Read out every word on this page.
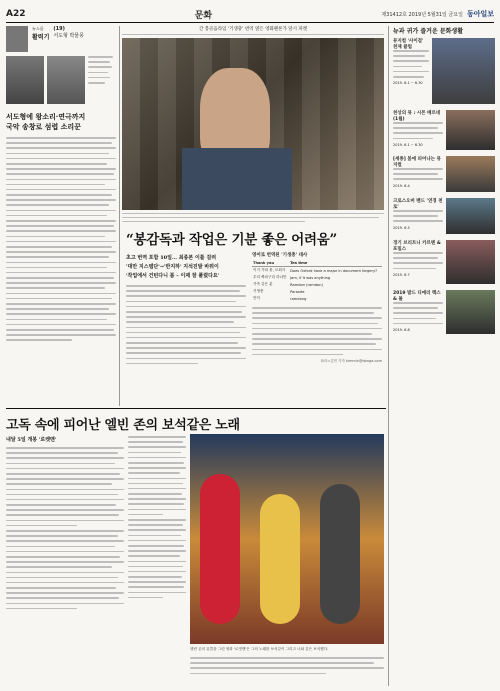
A22	문화	제31412호 2019년 5월31일 금요일 동아일보
뉴스룸
활력기
(19)
서도형 박물몽
서도형에 왕소리·연극까지
국악 송창로 섬렵 소리꾼
간 봉골음라임 '기생충' 번역 옆은 영화팬론가 달시 파켓
“봉감독과 작업은 기분 좋은 어려움”
초고 번역 포함 10일… 최종본 이틀 걸려
'대만 지스템단'→'반지하' 지석진발 바꿔이
'작업에서 건턴다니 봄 – 이제 잘 풀렸다요'
영어로 번역된 '기생충' 대사
Thank you	Tea time
이거 기타 몰, 모회사	Does Oxford have a major in document forgery?
우리 짜파구리 하나만	Jam, if it was anything
가족 같은 분	Ramdon (ramdon)
기생충	Parasite
만이	ramdong
파리=김민 기자 kimmin@donga.com
뉴과 귀가 즐거운 문화생활
뮤지컬 '사이걸' 천재 클럽
2019. 6.1 ~ 6.30
천상의 뮤 : 시몬 베르네(1월)
2019. 6.1 ~ 6.30
[세종] 봄에 피어나는 뮤지컬
2019. 6.4
크로스오버 밴드 '연경 천로'
2019. 6.5
경기 브리트니 카르멘 & 포밀스
2019. 6.7
2019 발드 디에리 렉스 & 볼
2019. 6.8
고독 속에 피어난 엘빈 존의 보석같은 노래
내달 5일 개봉 '로켓맨'
엘빈 존의 뮤클을 그린 영화 '로켓맨'은 그의 노래를 보석같이 그리고 너와 같은 보석했다.
